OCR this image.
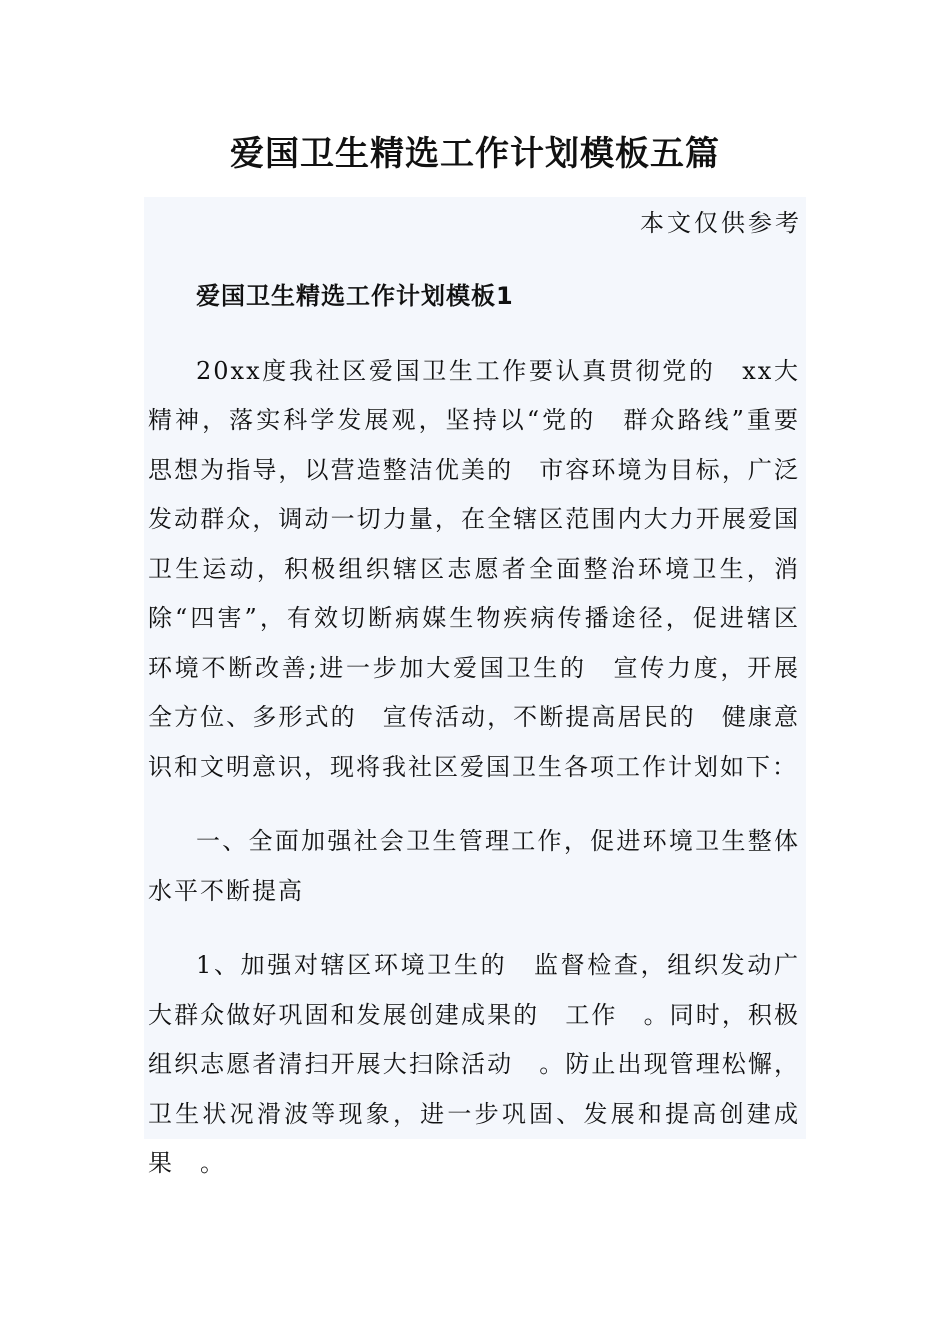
爱国卫生精选工作计划模板五篇
本文仅供参考

爱国卫生精选工作计划模板1

20xx度我社区爱国卫生工作要认真贯彻党的　xx大精神，落实科学发展观，坚持以“党的　群众路线”重要思想为指导，以营造整洁优美的　市容环境为目标，广泛发动群众，调动一切力量，在全辖区范围内大力开展爱国卫生运动，积极组织辖区志愿者全面整治环境卫生，消除“四害”，有效切断病媒生物疾病传播途径，促进辖区环境不断改善;进一步加大爱国卫生的　宣传力度，开展全方位、多形式的　宣传活动，不断提高居民的　健康意识和文明意识，现将我社区爱国卫生各项工作计划如下：

一、全面加强社会卫生管理工作，促进环境卫生整体水平不断提高

1、加强对辖区环境卫生的　监督检查，组织发动广大群众做好巩固和发展创建成果的　工作　。同时，积极组织志愿者清扫开展大扫除活动　。防止出现管理松懈，卫生状况滑波等现象，进一步巩固、发展和提高创建成果　。
